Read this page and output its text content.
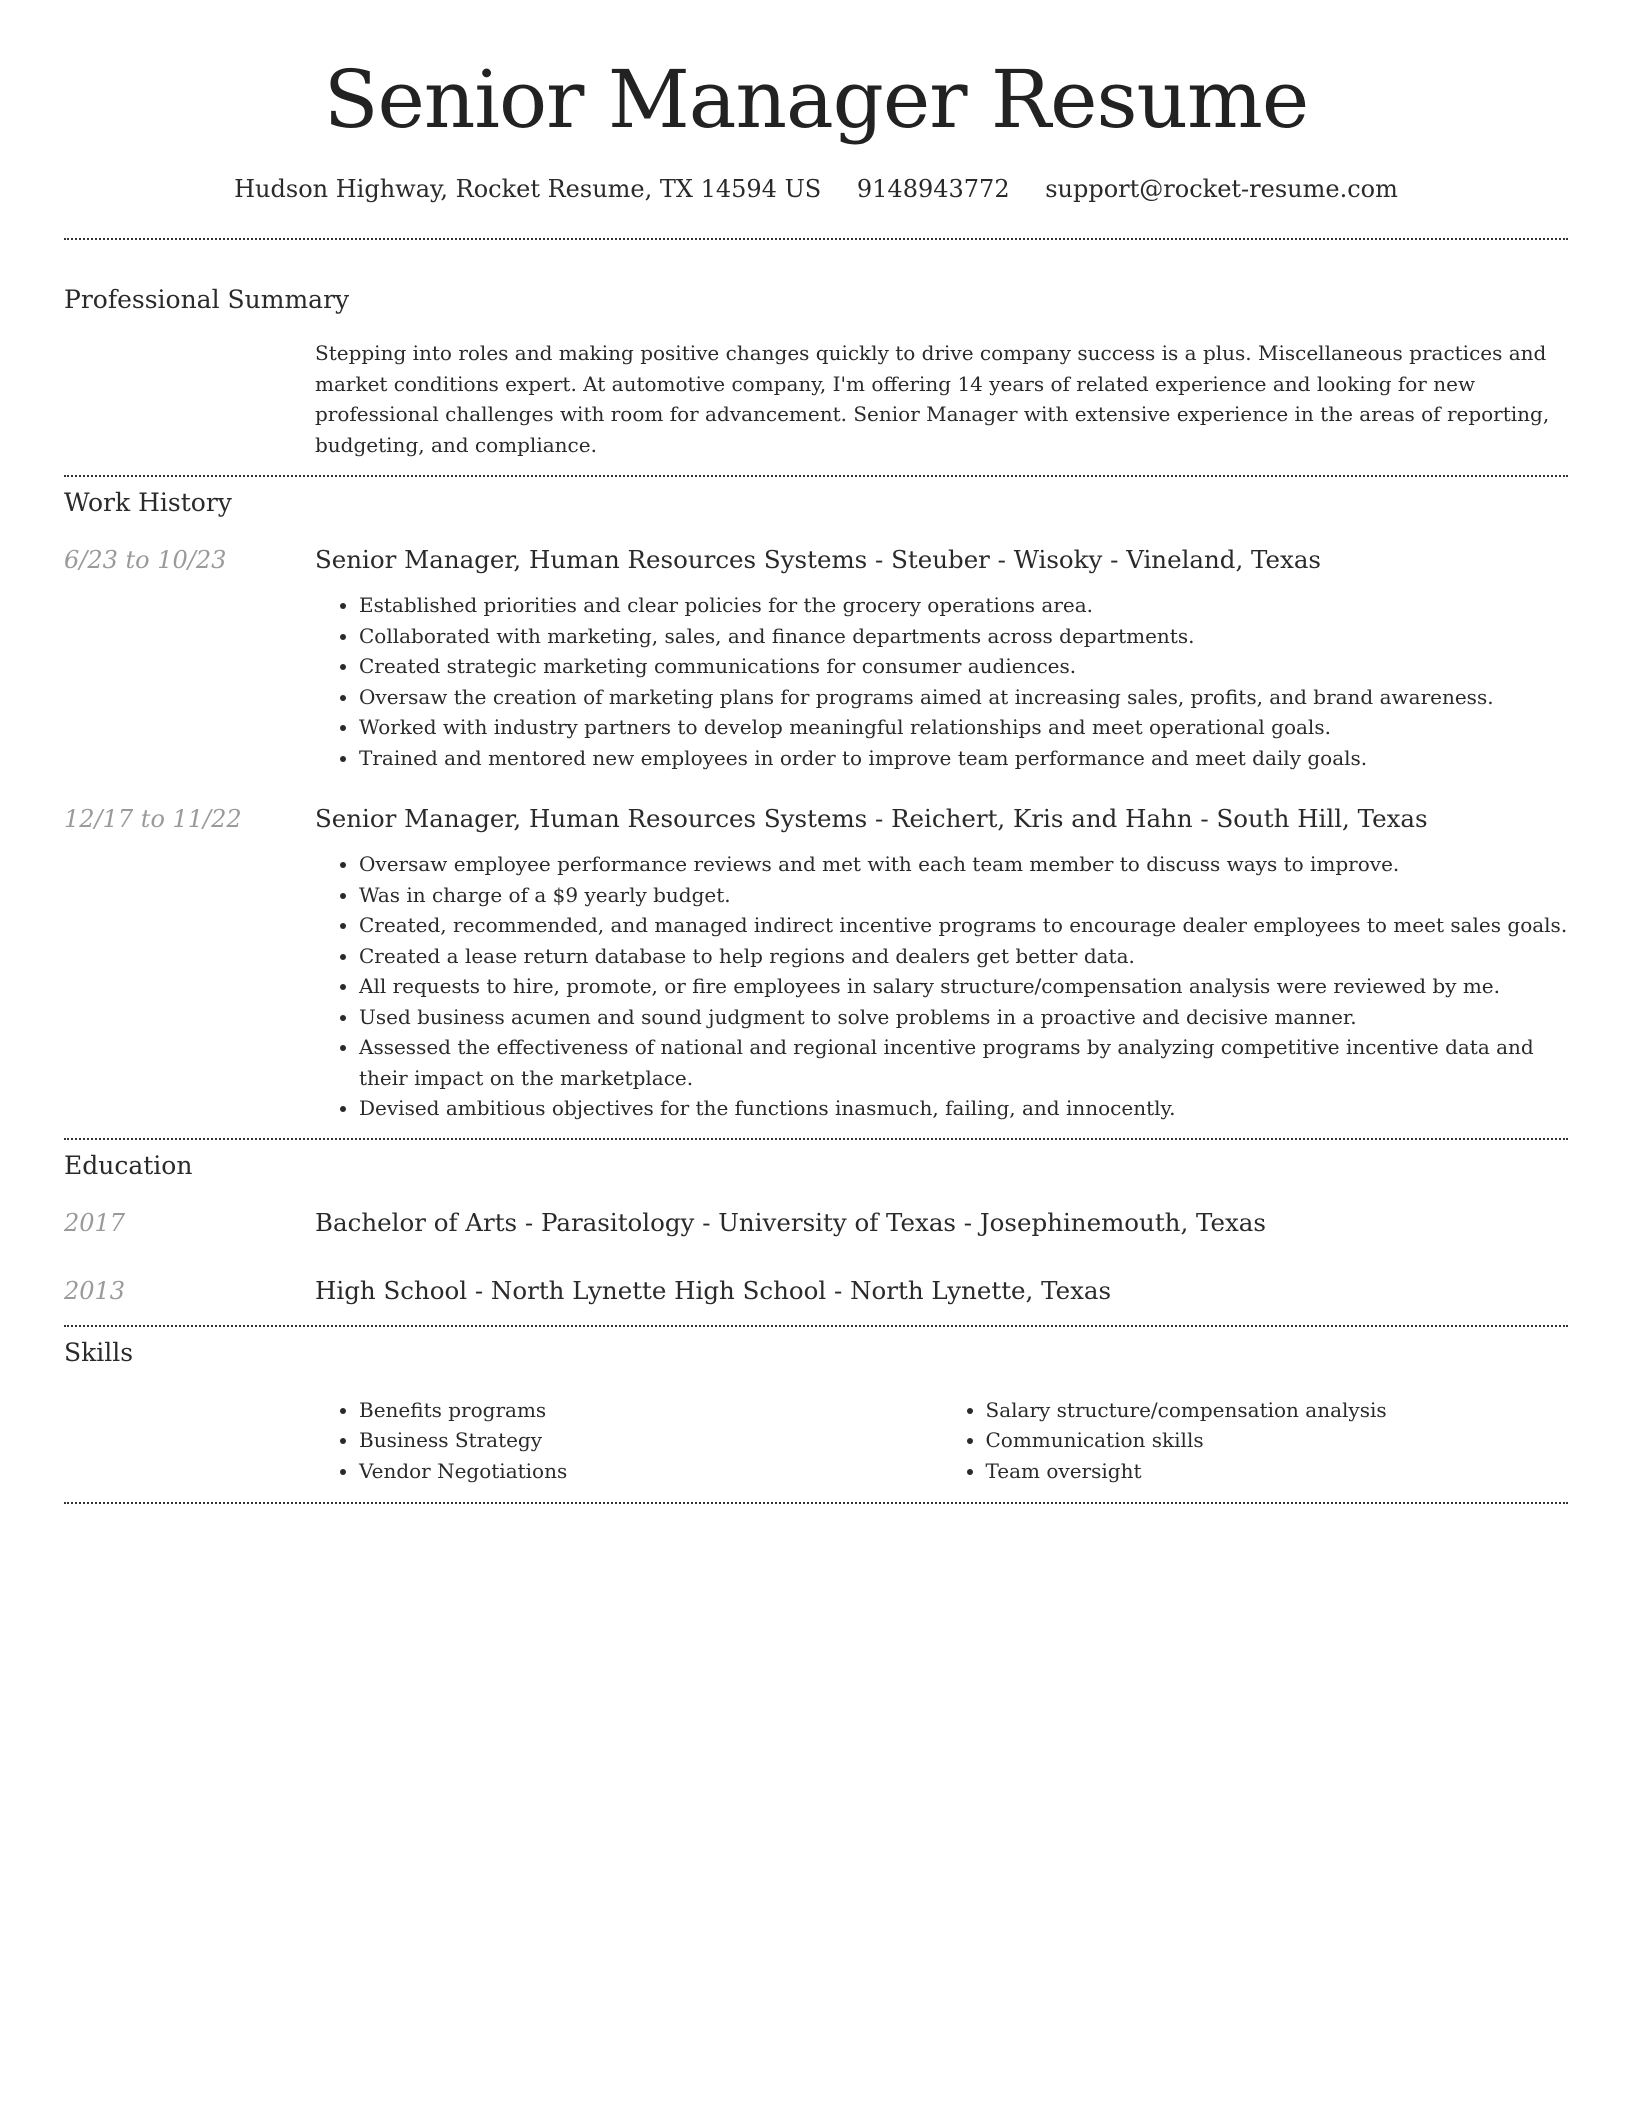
Senior Manager Resume
Hudson Highway, Rocket Resume, TX 14594 US 9148943772 support@rocket-resume.com
Professional Summary
Stepping into roles and making positive changes quickly to drive company success is a plus. Miscellaneous practices and market conditions expert. At automotive company, I'm offering 14 years of related experience and looking for new professional challenges with room for advancement. Senior Manager with extensive experience in the areas of reporting, budgeting, and compliance.
Work History
6/23 to 10/23	Senior Manager, Human Resources Systems - Steuber - Wisoky - Vineland, Texas
• Established priorities and clear policies for the grocery operations area.
• Collaborated with marketing, sales, and finance departments across departments.
• Created strategic marketing communications for consumer audiences.
• Oversaw the creation of marketing plans for programs aimed at increasing sales, profits, and brand awareness.
• Worked with industry partners to develop meaningful relationships and meet operational goals.
• Trained and mentored new employees in order to improve team performance and meet daily goals.
12/17 to 11/22	Senior Manager, Human Resources Systems - Reichert, Kris and Hahn - South Hill, Texas
• Oversaw employee performance reviews and met with each team member to discuss ways to improve.
• Was in charge of a $9 yearly budget.
• Created, recommended, and managed indirect incentive programs to encourage dealer employees to meet sales goals.
• Created a lease return database to help regions and dealers get better data.
• All requests to hire, promote, or fire employees in salary structure/compensation analysis were reviewed by me.
• Used business acumen and sound judgment to solve problems in a proactive and decisive manner.
• Assessed the effectiveness of national and regional incentive programs by analyzing competitive incentive data and their impact on the marketplace.
• Devised ambitious objectives for the functions inasmuch, failing, and innocently.
Education
2017	Bachelor of Arts - Parasitology - University of Texas - Josephinemouth, Texas
2013	High School - North Lynette High School - North Lynette, Texas
Skills
• Benefits programs
• Business Strategy
• Vendor Negotiations
• Salary structure/compensation analysis
• Communication skills
• Team oversight
